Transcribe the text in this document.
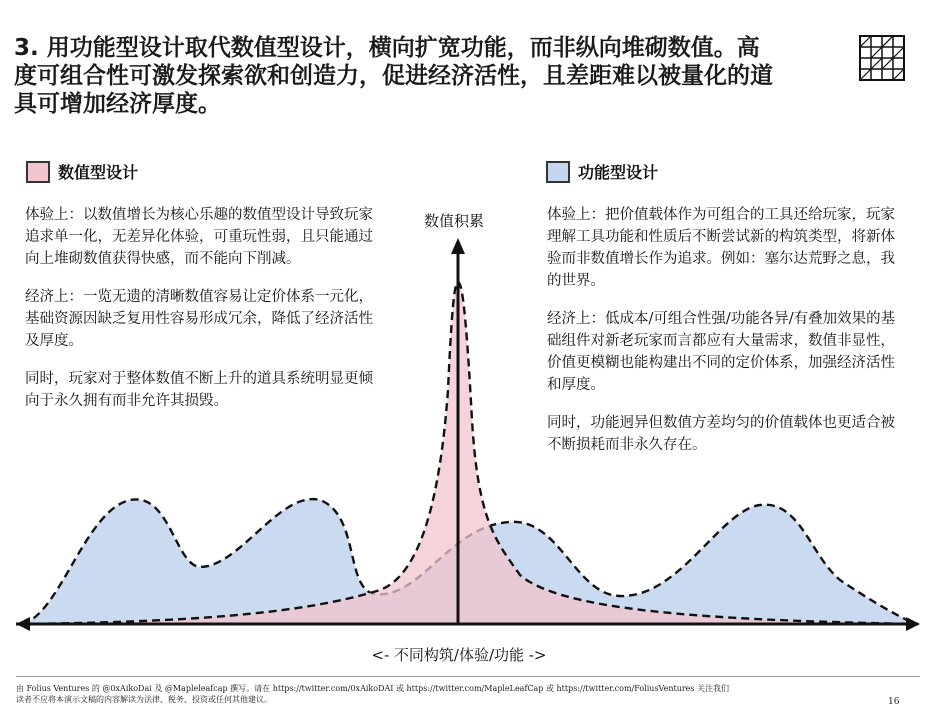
3. 用功能型设计取代数值型设计，横向扩宽功能，而非纵向堆砌数值。高度可组合性可激发探索欲和创造力，促进经济活性，且差距难以被量化的道具可增加经济厚度。
数值型设计	功能型设计

体验上：以数值增长为核心乐趣的数值型设计导致玩家追求单一化，无差异化体验，可重玩性弱，且只能通过向上堆砌数值获得快感，而不能向下削减。

经济上：一览无遗的清晰数值容易让定价体系一元化，基础资源因缺乏复用性容易形成冗余，降低了经济活性及厚度。

同时，玩家对于整体数值不断上升的道具系统明显更倾向于永久拥有而非允许其损毁。

体验上：把价值载体作为可组合的工具还给玩家，玩家理解工具功能和性质后不断尝试新的构筑类型，将新体验而非数值增长作为追求。例如：塞尔达荒野之息，我的世界。

经济上：低成本/可组合性强/功能各异/有叠加效果的基础组件对新老玩家而言都应有大量需求，数值非显性，价值更模糊也能构建出不同的定价体系，加强经济活性和厚度。

同时，功能迥异但数值方差均匀的价值载体也更适合被不断损耗而非永久存在。

数值积累
<- 不同构筑/体验/功能 ->
由 Folius Ventures 的 @0xAikoDai 及 @Mapleleafcap 撰写。请在 https://twitter.com/0xAikoDAI 或 https://twitter.com/MapleLeafCap 或 https://twitter.com/FoliusVentures 关注我们
读者不应将本演示文稿的内容解读为法律、税务、投资或任何其他建议。	16
